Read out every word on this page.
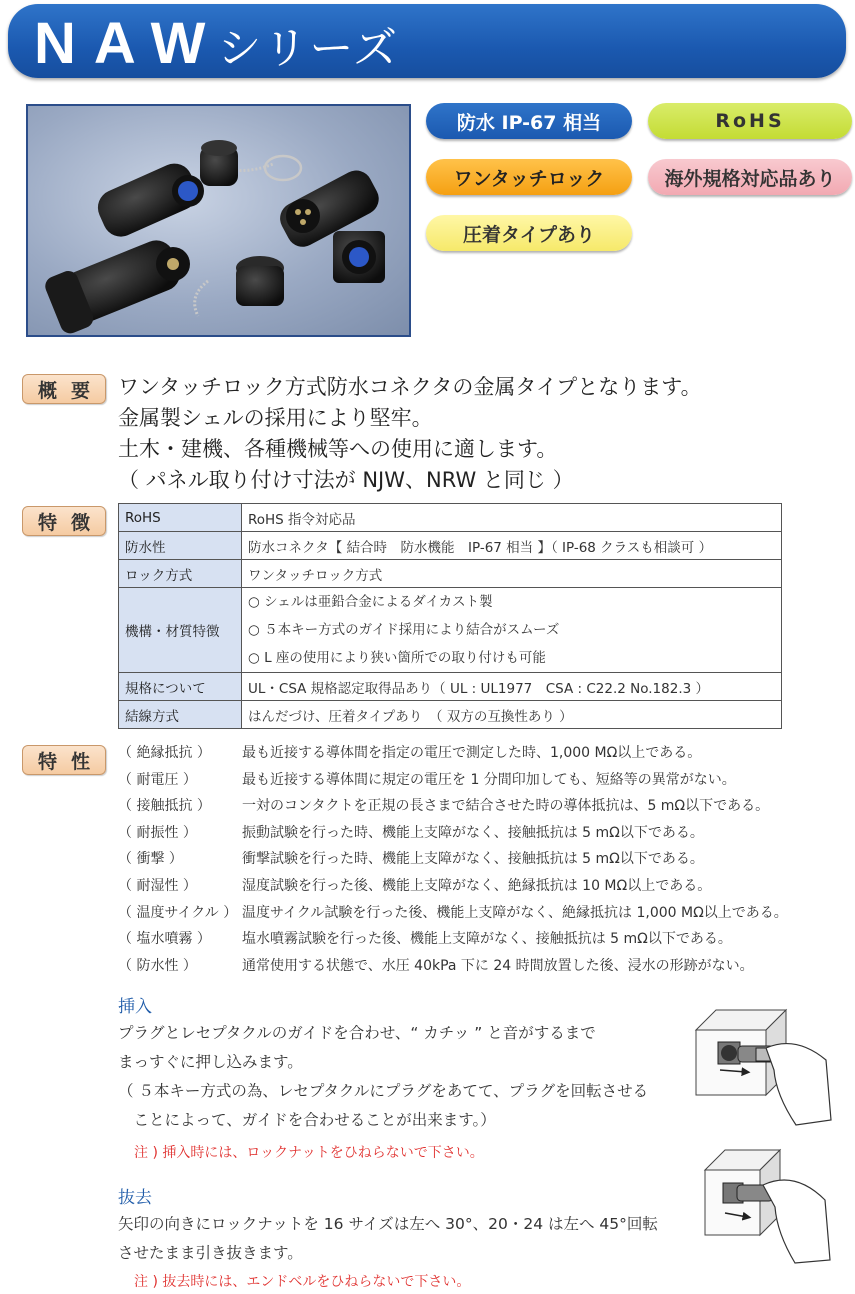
NAWシリーズ
防水 IP-67 相当	RoHS
ワンタッチロック	海外規格対応品あり
圧着タイプあり
概要 ワンタッチロック方式防水コネクタの金属タイプとなります。
金属製シェルの採用により堅牢。
土木・建機、各種機械等への使用に適します。
（ パネル取り付け寸法が NJW、NRW と同じ ）
特徴 RoHS	RoHS 指令対応品
防水性	防水コネクタ【 結合時　防水機能　IP-67 相当 】（ IP-68 クラスも相談可 ）
ロック方式	ワンタッチロック方式
機構・材質特徴	○ シェルは亜鉛合金によるダイカスト製
○ ５本キー方式のガイド採用により結合がスムーズ
○ L 座の使用により狭い箇所での取り付けも可能

規格について	UL・CSA 規格認定取得品あり（ UL : UL1977　CSA : C22.2 No.182.3 ）
結線方式	はんだづけ、圧着タイプあり　（ 双方の互換性あり ）
特性 （ 絶縁抵抗 ） 最も近接する導体間を指定の電圧で測定した時、1,000 MΩ以上である。
（ 耐電圧 ）	最も近接する導体間に規定の電圧を 1 分間印加しても、短絡等の異常がない。
（ 接触抵抗 ） 一対のコンタクトを正規の長さまで結合させた時の導体抵抗は、5 mΩ以下である。
（ 耐振性 ）	振動試験を行った時、機能上支障がなく、接触抵抗は 5 mΩ以下である。
（ 衝撃 ）	衝撃試験を行った時、機能上支障がなく、接触抵抗は 5 mΩ以下である。
（ 耐湿性 ）	湿度試験を行った後、機能上支障がなく、絶縁抵抗は 10 MΩ以上である。
（ 温度サイクル ） 温度サイクル試験を行った後、機能上支障がなく、絶縁抵抗は 1,000 MΩ以上である。
（ 塩水噴霧 ） 塩水噴霧試験を行った後、機能上支障がなく、接触抵抗は 5 mΩ以下である。
（ 防水性 ）	通常使用する状態で、水圧 40kPa 下に 24 時間放置した後、浸水の形跡がない。
挿入
プラグとレセプタクルのガイドを合わせ、“ カチッ ” と音がするまで
まっすぐに押し込みます。
（ ５本キー方式の為、レセプタクルにプラグをあてて、プラグを回転させる
　ことによって、ガイドを合わせることが出来ます。）
注 ) 挿入時には、ロックナットをひねらないで下さい。
抜去
矢印の向きにロックナットを 16 サイズは左へ 30°、20・24 は左へ 45°回転
させたまま引き抜きます。
注 ) 抜去時には、エンドベルをひねらないで下さい。
